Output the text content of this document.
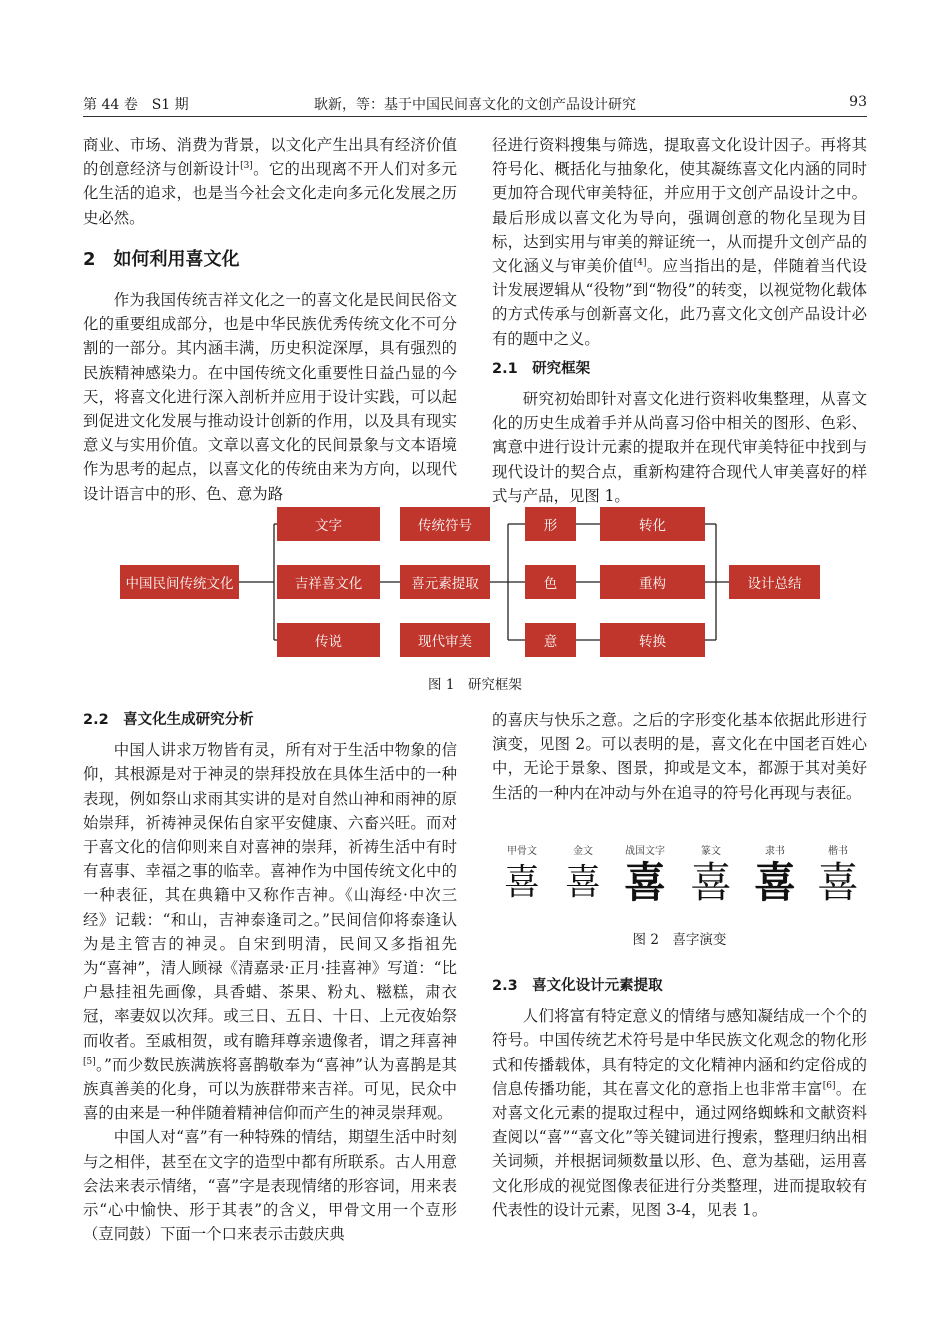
第 44 卷　S1 期	耿新，等：基于中国民间喜文化的文创产品设计研究	93

商业、市场、消费为背景，以文化产生出具有经济价值的创意经济与创新设计[3]。它的出现离不开人们对多元化生活的追求，也是当今社会文化走向多元化发展之历史必然。

2　如何利用喜文化

作为我国传统吉祥文化之一的喜文化是民间民俗文化的重要组成部分，也是中华民族优秀传统文化不可分割的一部分。其内涵丰满，历史积淀深厚，具有强烈的民族精神感染力。在中国传统文化重要性日益凸显的今天，将喜文化进行深入剖析并应用于设计实践，可以起到促进文化发展与推动设计创新的作用，以及具有现实意义与实用价值。文章以喜文化的民间景象与文本语境作为思考的起点，以喜文化的传统由来为方向，以现代设计语言中的形、色、意为路

径进行资料搜集与筛选，提取喜文化设计因子。再将其符号化、概括化与抽象化，使其凝练喜文化内涵的同时更加符合现代审美特征，并应用于文创产品设计之中。最后形成以喜文化为导向，强调创意的物化呈现为目标，达到实用与审美的辩证统一，从而提升文创产品的文化涵义与审美价值[4]。应当指出的是，伴随着当代设计发展逻辑从“役物”到“物役”的转变，以视觉物化载体的方式传承与创新喜文化，此乃喜文化文创产品设计必有的题中之义。

2.1　研究框架

研究初始即针对喜文化进行资料收集整理，从喜文化的历史生成着手并从尚喜习俗中相关的图形、色彩、寓意中进行设计元素的提取并在现代审美特征中找到与现代设计的契合点，重新构建符合现代人审美喜好的样式与产品，见图 1。

中国民间传统文化
文字
吉祥喜文化
传说
传统符号
喜元素提取
现代审美
形
色
意
转化
重构
转换
设计总结
图 1　研究框架
2.2　喜文化生成研究分析

中国人讲求万物皆有灵，所有对于生活中物象的信仰，其根源是对于神灵的崇拜投放在具体生活中的一种表现，例如祭山求雨其实讲的是对自然山神和雨神的原始崇拜，祈祷神灵保佑自家平安健康、六畜兴旺。而对于喜文化的信仰则来自对喜神的崇拜，祈祷生活中有时有喜事、幸福之事的临幸。喜神作为中国传统文化中的一种表征，其在典籍中又称作吉神。《山海经·中次三经》记载：“和山，吉神泰逢司之。”民间信仰将泰逢认为是主管吉的神灵。自宋到明清，民间又多指祖先为“喜神”，清人顾禄《清嘉录·正月·挂喜神》写道：“比户悬挂祖先画像，具香蜡、茶果、粉丸、糍糕，肃衣冠，率妻奴以次拜。或三日、五日、十日、上元夜始祭而收者。至戚相贺，或有瞻拜尊亲遗像者，谓之拜喜神[5]。”而少数民族满族将喜鹊敬奉为“喜神”认为喜鹊是其族真善美的化身，可以为族群带来吉祥。可见，民众中喜的由来是一种伴随着精神信仰而产生的神灵崇拜观。

中国人对“喜”有一种特殊的情结，期望生活中时刻与之相伴，甚至在文字的造型中都有所联系。古人用意会法来表示情绪，“喜”字是表现情绪的形容词，用来表示“心中愉快、形于其表”的含义，甲骨文用一个壴形（壴同鼓）下面一个口来表示击鼓庆典

的喜庆与快乐之意。之后的字形变化基本依据此形进行演变，见图 2。可以表明的是，喜文化在中国老百姓心中，无论于景象、图景，抑或是文本，都源于其对美好生活的一种内在冲动与外在追寻的符号化再现与表征。

甲骨文
喜
金文
喜
战国文字
喜
篆文
喜
隶书
喜
楷书
喜
图 2　喜字演变
2.3　喜文化设计元素提取

人们将富有特定意义的情绪与感知凝结成一个个的符号。中国传统艺术符号是中华民族文化观念的物化形式和传播载体，具有特定的文化精神内涵和约定俗成的信息传播功能，其在喜文化的意指上也非常丰富[6]。在对喜文化元素的提取过程中，通过网络蜘蛛和文献资料查阅以“喜”“喜文化”等关键词进行搜索，整理归纳出相关词频，并根据词频数量以形、色、意为基础，运用喜文化形成的视觉图像表征进行分类整理，进而提取较有代表性的设计元素，见图 3-4，见表 1。
